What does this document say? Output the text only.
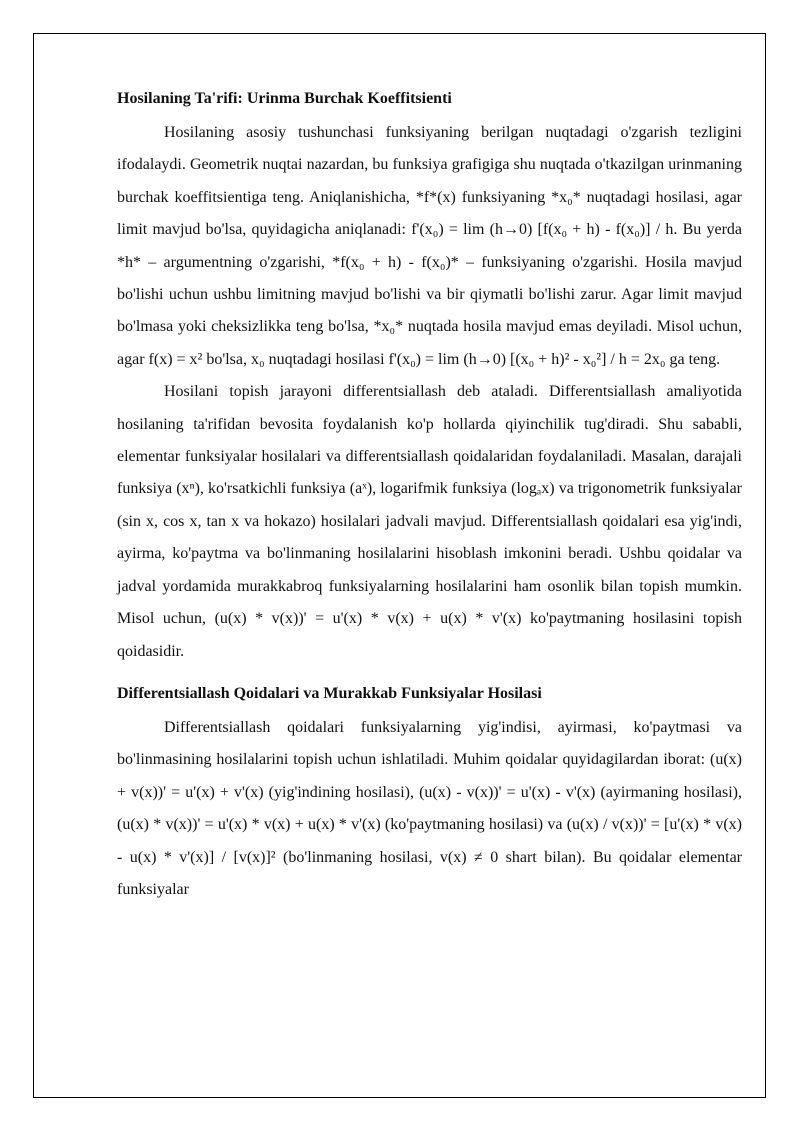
Hosilaning Ta'rifi: Urinma Burchak Koeffitsienti

Hosilaning asosiy tushunchasi funksiyaning berilgan nuqtadagi o'zgarish tezligini ifodalaydi. Geometrik nuqtai nazardan, bu funksiya grafigiga shu nuqtada o'tkazilgan urinmaning burchak koeffitsientiga teng. Aniqlanishicha, *f*(x) funksiyaning *x₀* nuqtadagi hosilasi, agar limit mavjud bo'lsa, quyidagicha aniqlanadi: f'(x₀) = lim (h→0) [f(x₀ + h) - f(x₀)] / h. Bu yerda *h* – argumentning o'zgarishi, *f(x₀ + h) - f(x₀)* – funksiyaning o'zgarishi. Hosila mavjud bo'lishi uchun ushbu limitning mavjud bo'lishi va bir qiymatli bo'lishi zarur. Agar limit mavjud bo'lmasa yoki cheksizlikka teng bo'lsa, *x₀* nuqtada hosila mavjud emas deyiladi. Misol uchun, agar f(x) = x² bo'lsa, x₀ nuqtadagi hosilasi f'(x₀) = lim (h→0) [(x₀ + h)² - x₀²] / h = 2x₀ ga teng.

Hosilani topish jarayoni differentsiallash deb ataladi. Differentsiallash amaliyotida hosilaning ta'rifidan bevosita foydalanish ko'p hollarda qiyinchilik tug'diradi. Shu sababli, elementar funksiyalar hosilalari va differentsiallash qoidalaridan foydalaniladi. Masalan, darajali funksiya (xⁿ), ko'rsatkichli funksiya (aˣ), logarifmik funksiya (logₐx) va trigonometrik funksiyalar (sin x, cos x, tan x va hokazo) hosilalari jadvali mavjud. Differentsiallash qoidalari esa yig'indi, ayirma, ko'paytma va bo'linmaning hosilalarini hisoblash imkonini beradi. Ushbu qoidalar va jadval yordamida murakkabroq funksiyalarning hosilalarini ham osonlik bilan topish mumkin. Misol uchun, (u(x) * v(x))' = u'(x) * v(x) + u(x) * v'(x) ko'paytmaning hosilasini topish qoidasidir.

Differentsiallash Qoidalari va Murakkab Funksiyalar Hosilasi

Differentsiallash qoidalari funksiyalarning yig'indisi, ayirmasi, ko'paytmasi va bo'linmasining hosilalarini topish uchun ishlatiladi. Muhim qoidalar quyidagilardan iborat: (u(x) + v(x))' = u'(x) + v'(x) (yig'indining hosilasi), (u(x) - v(x))' = u'(x) - v'(x) (ayirmaning hosilasi), (u(x) * v(x))' = u'(x) * v(x) + u(x) * v'(x) (ko'paytmaning hosilasi) va (u(x) / v(x))' = [u'(x) * v(x) - u(x) * v'(x)] / [v(x)]² (bo'linmaning hosilasi, v(x) ≠ 0 shart bilan). Bu qoidalar elementar funksiyalar
